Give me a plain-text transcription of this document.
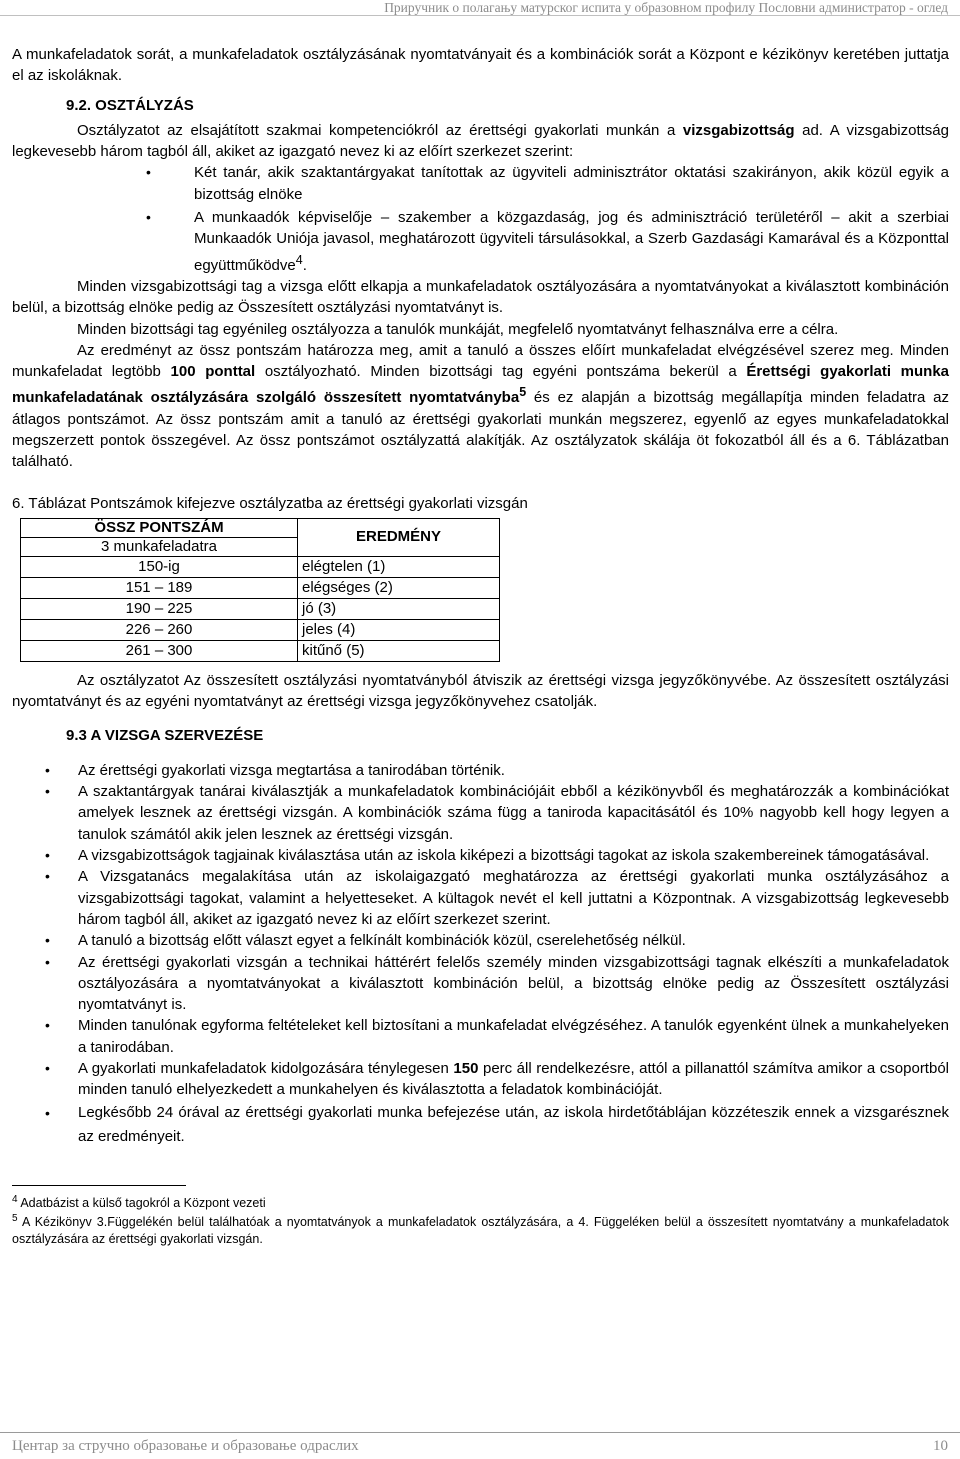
Приручник о полагању матурског испита у образовном профилу Пословни администратор - оглед

A munkafeladatok sorát, a munkafeladatok osztályzásának nyomtatványait és a kombinációk sorát a Központ e kézikönyv keretében juttatja el az iskoláknak.

9.2. OSZTÁLYZÁS

Osztályzatot az elsajátított szakmai kompetenciókról az érettségi gyakorlati munkán a vizsgabizottság ad. A vizsgabizottság legkevesebb három tagból áll, akiket az igazgató nevez ki az előírt szerkezet szerint:

• Két tanár, akik szaktantárgyakat tanítottak az ügyviteli adminisztrátor oktatási szakirányon, akik közül egyik a bizottság elnöke
• A munkaadók képviselője – szakember a közgazdaság, jog és adminisztráció területéről – akit a szerbiai Munkaadók Uniója javasol, meghatározott ügyviteli társulásokkal, a Szerb Gazdasági Kamarával és a Központtal együttműködve$^4$.

Minden vizsgabizottsági tag a vizsga előtt elkapja a munkafeladatok osztályozására a nyomtatványokat a kiválasztott kombináción belül, a bizottság elnöke pedig az Összesített osztályzási nyomtatványt is.

Minden bizottsági tag egyénileg osztályozza a tanulók munkáját, megfelelő nyomtatványt felhasználva erre a célra.

Az eredményt az össz pontszám határozza meg, amit a tanuló a összes előírt munkafeladat elvégzésével szerez meg. Minden munkafeladat legtöbb 100 ponttal osztályozható. Minden bizottsági tag egyéni pontszáma bekerül a Érettségi gyakorlati munka munkafeladatának osztályzására szolgáló összesített nyomtatványba$^5$ és ez alapján a bizottság megállapítja minden feladatra az átlagos pontszámot. Az össz pontszám amit a tanuló az érettségi gyakorlati munkán megszerez, egyenlő az egyes munkafeladatokkal megszerzett pontok összegével. Az össz pontszámot osztályzattá alakítják. Az osztályzatok skálája öt fokozatból áll és a 6. Táblázatban található.

6. Táblázat Pontszámok kifejezve osztályzatba az érettségi gyakorlati vizsgán

ÖSSZ PONTSZÁM	EREDMÉNY
3 munkafeladatra	
150-ig	elégtelen (1)
151 – 189	elégséges (2)
190 – 225	jó (3)
226 – 260	jeles (4)
261 – 300	kitűnő (5)

Az osztályzatot Az összesített osztályzási nyomtatványból átviszik az érettségi vizsga jegyzőkönyvébe. Az összesített osztályzási nyomtatványt és az egyéni nyomtatványt az érettségi vizsga jegyzőkönyvehez csatolják.

9.3 A VIZSGA SZERVEZÉSE

• Az érettségi gyakorlati vizsga megtartása a tanirodában történik.
• A szaktantárgyak tanárai kiválasztják a munkafeladatok kombinációjáit ebből a kézikönyvből és meghatározzák a kombinációkat amelyek lesznek az érettségi vizsgán. A kombinációk száma függ a taniroda kapacitásától és 10% nagyobb kell hogy legyen a tanulok számától akik jelen lesznek az érettségi vizsgán.
• A vizsgabizottságok tagjainak kiválasztása után az iskola kiképezi a bizottsági tagokat az iskola szakembereinek támogatásával.
• A Vizsgatanács megalakítása után az iskolaigazgató meghatározza az érettségi gyakorlati munka osztályzásához a vizsgabizottsági tagokat, valamint a helyetteseket. A kültagok nevét el kell juttatni a Központnak. A vizsgabizottság legkevesebb három tagból áll, akiket az igazgató nevez ki az előírt szerkezet szerint.
• A tanuló a bizottság előtt választ egyet a felkínált kombinációk közül, cserelehetőség nélkül.
• Az érettségi gyakorlati vizsgán a technikai háttérért felelős személy minden vizsgabizottsági tagnak elkészíti a munkafeladatok osztályozására a nyomtatványokat a kiválasztott kombináción belül, a bizottság elnöke pedig az Összesített osztályzási nyomtatványt is.
• Minden tanulónak egyforma feltételeket kell biztosítani a munkafeladat elvégzéséhez. A tanulók egyenként ülnek a munkahelyeken a tanirodában.
• A gyakorlati munkafeladatok kidolgozására ténylegesen 150 perc áll rendelkezésre, attól a pillanattól számítva amikor a csoportból minden tanuló elhelyezkedett a munkahelyen és kiválasztotta a feladatok kombinációját.
• Legkésőbb 24 órával az érettségi gyakorlati munka befejezése után, az iskola hirdetőtáblájan közzéteszik ennek a vizsgarésznek az eredményeit.

$^4$ Adatbázist a külső tagokról a Központ vezeti

$^5$ A Kézikönyv 3.Függelékén belül találhatóak a nyomtatványok a munkafeladatok osztályzására, a 4. Függeléken belül a összesített nyomtatvány a munkafeladatok osztályzására az érettségi gyakorlati vizsgán.

Центар за стручно образовање и образовање одраслих	10
